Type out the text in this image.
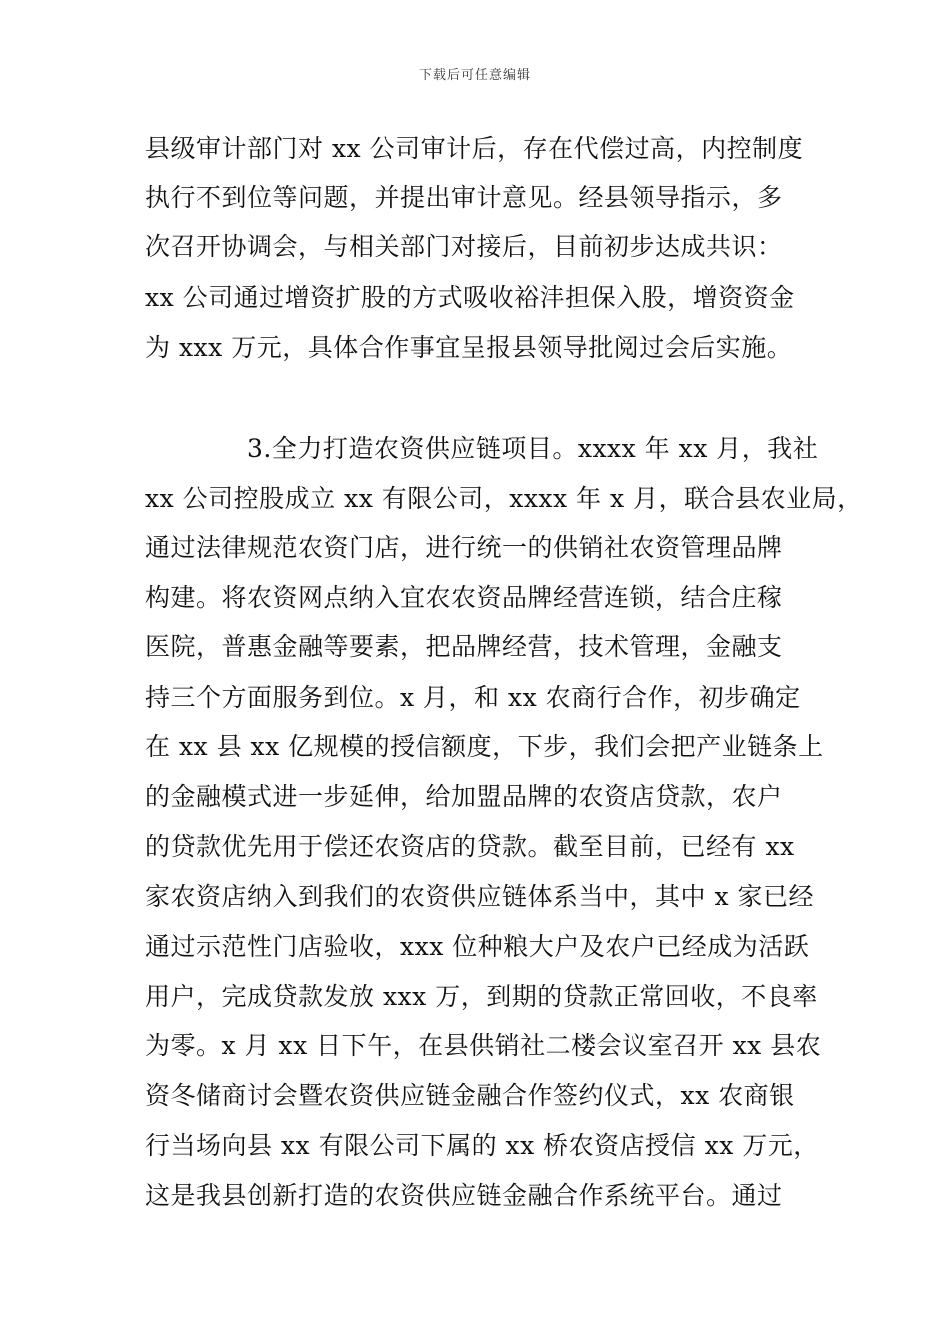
下载后可任意编辑
县级审计部门对 xx 公司审计后，存在代偿过高，内控制度
执行不到位等问题，并提出审计意见。经县领导指示，多
次召开协调会，与相关部门对接后，目前初步达成共识：
xx 公司通过增资扩股的方式吸收裕沣担保入股，增资资金
为 xxx 万元，具体合作事宜呈报县领导批阅过会后实施。
3.全力打造农资供应链项目。xxxx 年 xx 月，我社
xx 公司控股成立 xx 有限公司，xxxx 年 x 月，联合县农业局，
通过法律规范农资门店，进行统一的供销社农资管理品牌
构建。将农资网点纳入宜农农资品牌经营连锁，结合庄稼
医院，普惠金融等要素，把品牌经营，技术管理，金融支
持三个方面服务到位。x 月，和 xx 农商行合作，初步确定
在 xx 县 xx 亿规模的授信额度，下步，我们会把产业链条上
的金融模式进一步延伸，给加盟品牌的农资店贷款，农户
的贷款优先用于偿还农资店的贷款。截至目前，已经有 xx
家农资店纳入到我们的农资供应链体系当中，其中 x 家已经
通过示范性门店验收，xxx 位种粮大户及农户已经成为活跃
用户，完成贷款发放 xxx 万，到期的贷款正常回收，不良率
为零。x 月 xx 日下午，在县供销社二楼会议室召开 xx 县农
资冬储商讨会暨农资供应链金融合作签约仪式，xx 农商银
行当场向县 xx 有限公司下属的 xx 桥农资店授信 xx 万元，
这是我县创新打造的农资供应链金融合作系统平台。通过
